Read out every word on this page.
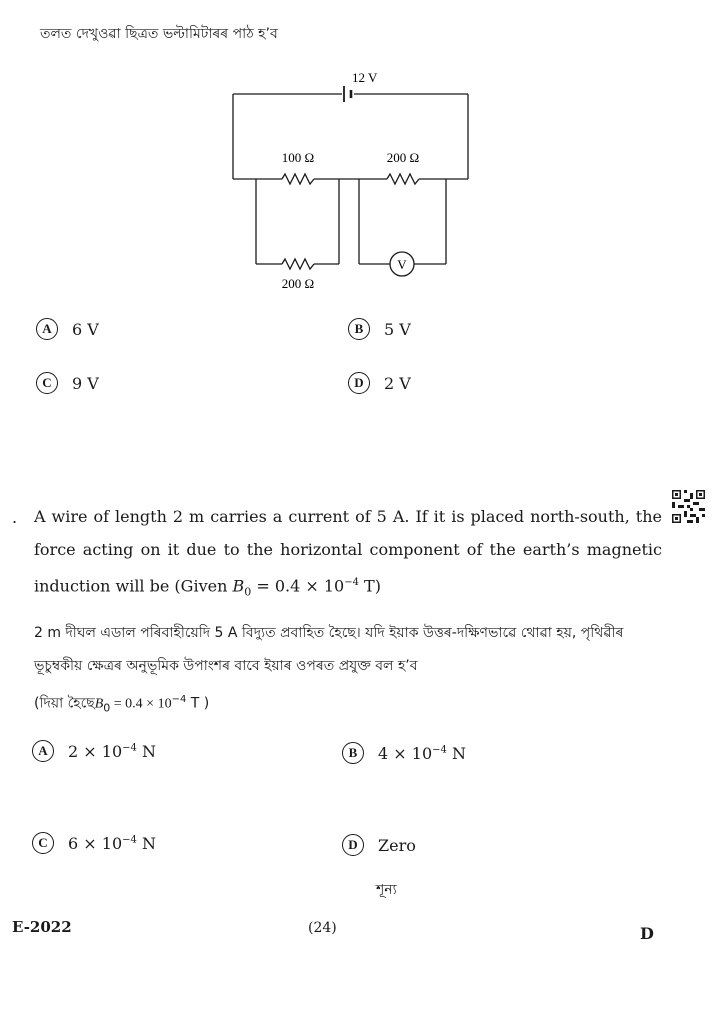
তলত দেখুওৱা ছিত্ৰত ভল্টামিটাৰৰ পাঠ হ’ব
12 V
100 Ω	200 Ω
200 Ω
V
A	6 V	B	5 V
C	9 V	D	2 V
. A wire of length 2 m carries a current of 5 A. If it is placed north-south, the force acting on it due to the horizontal component of the earth’s magnetic induction will be (Given $B_0 = 0.4 \times 10^{-4}$ T)
2 m দীঘল এডাল পৰিবাহীয়েদি 5 A বিদ্যুত প্ৰবাহিত হৈছে। যদি ইয়াক উত্তৰ-দক্ষিণভাৱে থোৱা হয়, পৃথিৱীৰ ভূচুম্বকীয় ক্ষেত্ৰৰ অনুভূমিক উপাংশৰ বাবে ইয়াৰ ওপৰত প্ৰযুক্ত বল হ’ব
(দিয়া $হৈছেB_0 = 0.4 \times 10^{-4}$ T )
A	$2 \times 10^{-4}$ N	B	$4 \times 10^{-4}$ N
C	$6 \times 10^{-4}$ N	D	Zero
শূন্য
E-2022	(24)	D
